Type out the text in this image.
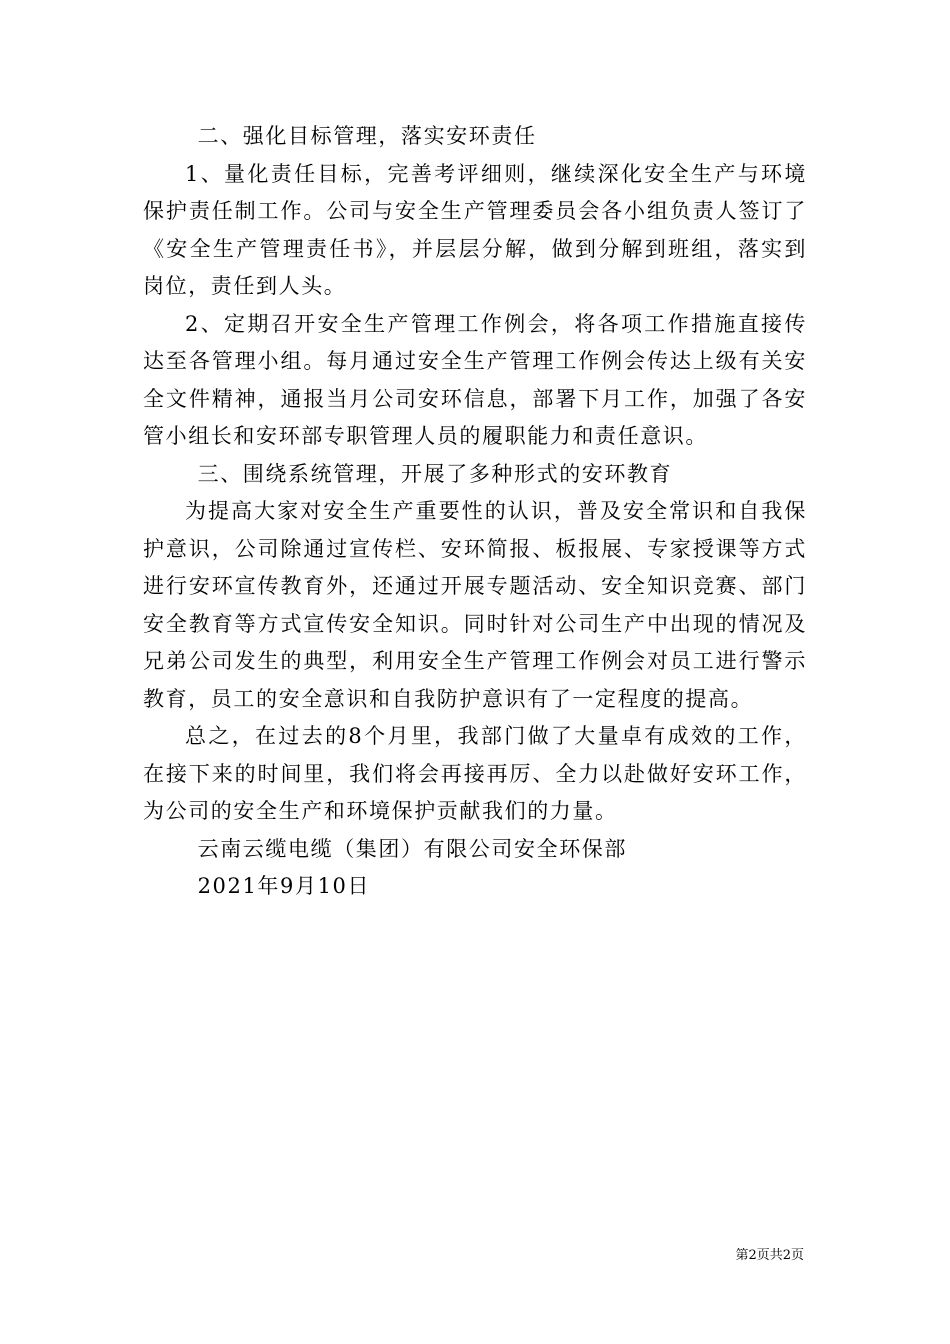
二、强化目标管理，落实安环责任

1、量化责任目标，完善考评细则，继续深化安全生产与环境保护责任制工作。公司与安全生产管理委员会各小组负责人签订了《安全生产管理责任书》，并层层分解，做到分解到班组，落实到岗位，责任到人头。

2、定期召开安全生产管理工作例会，将各项工作措施直接传达至各管理小组。每月通过安全生产管理工作例会传达上级有关安全文件精神，通报当月公司安环信息，部署下月工作，加强了各安管小组长和安环部专职管理人员的履职能力和责任意识。

三、围绕系统管理，开展了多种形式的安环教育

为提高大家对安全生产重要性的认识，普及安全常识和自我保护意识，公司除通过宣传栏、安环简报、板报展、专家授课等方式进行安环宣传教育外，还通过开展专题活动、安全知识竞赛、部门安全教育等方式宣传安全知识。同时针对公司生产中出现的情况及兄弟公司发生的典型，利用安全生产管理工作例会对员工进行警示教育，员工的安全意识和自我防护意识有了一定程度的提高。

总之，在过去的8个月里，我部门做了大量卓有成效的工作，在接下来的时间里，我们将会再接再厉、全力以赴做好安环工作，为公司的安全生产和环境保护贡献我们的力量。

云南云缆电缆（集团）有限公司安全环保部

2021年9月10日

第2页共2页
